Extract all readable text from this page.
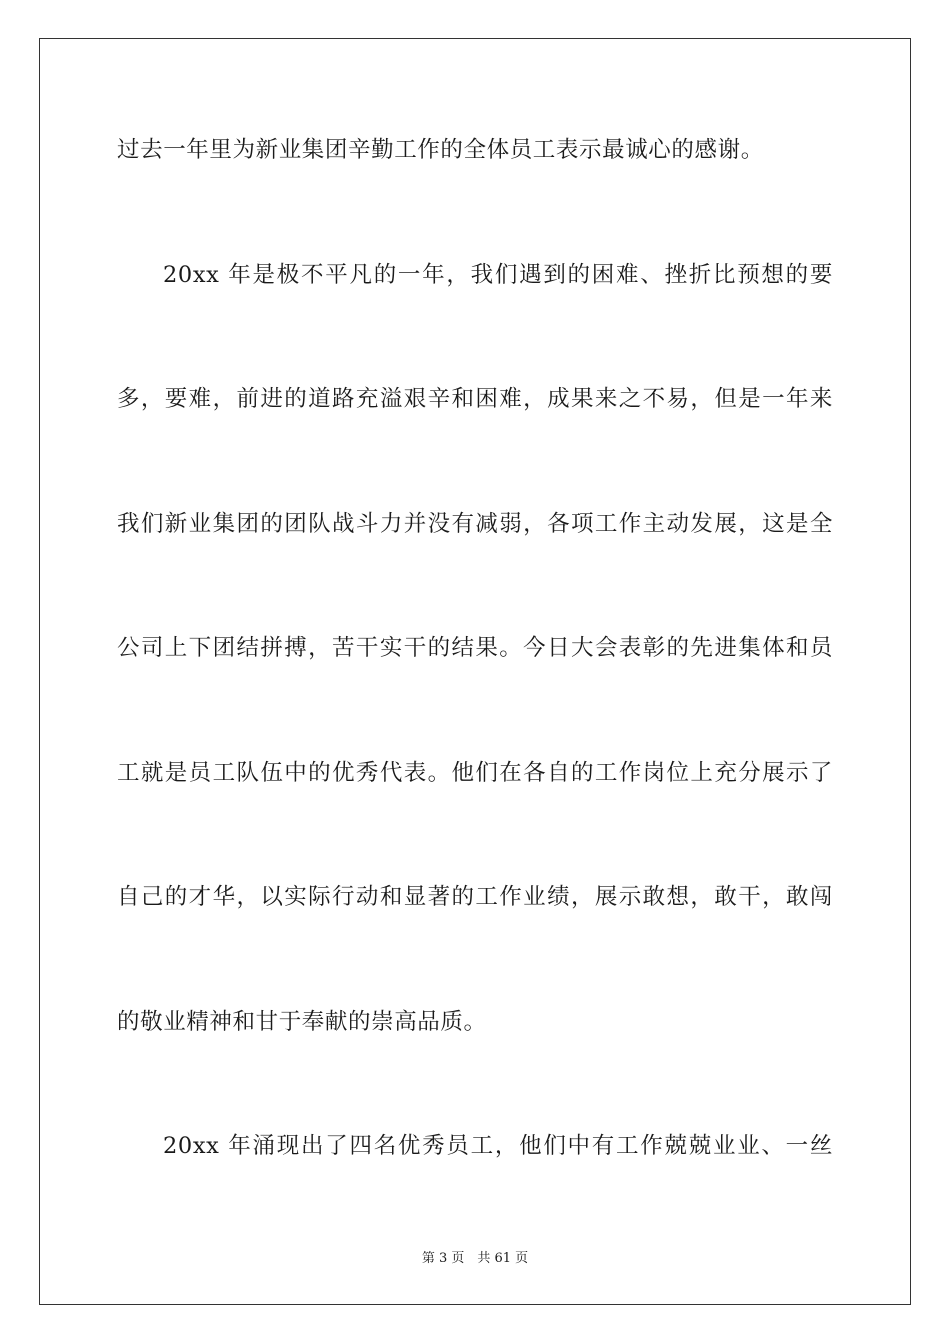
过去一年里为新业集团辛勤工作的全体员工表示最诚心的感谢。
20xx 年是极不平凡的一年，我们遇到的困难、挫折比预想的要
多，要难，前进的道路充溢艰辛和困难，成果来之不易，但是一年来
我们新业集团的团队战斗力并没有减弱，各项工作主动发展，这是全
公司上下团结拼搏，苦干实干的结果。今日大会表彰的先进集体和员
工就是员工队伍中的优秀代表。他们在各自的工作岗位上充分展示了
自己的才华，以实际行动和显著的工作业绩，展示敢想，敢干，敢闯
的敬业精神和甘于奉献的崇高品质。
20xx 年涌现出了四名优秀员工，他们中有工作兢兢业业、一丝
第 3 页　共 61 页
